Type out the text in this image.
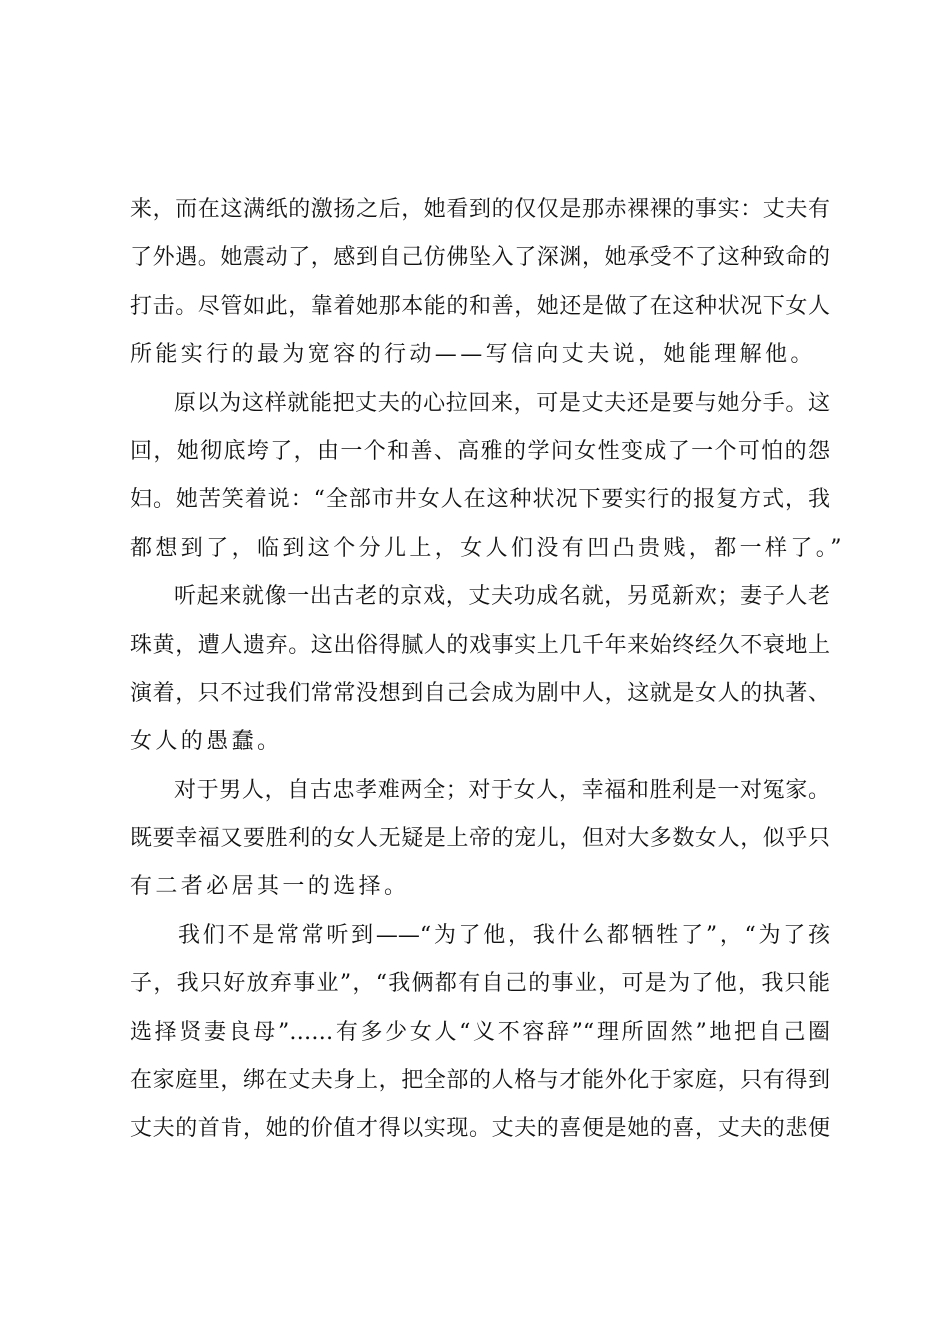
来，而在这满纸的激扬之后，她看到的仅仅是那赤裸裸的事实：丈夫有
了外遇。她震动了，感到自己仿佛坠入了深渊，她承受不了这种致命的
打击。尽管如此，靠着她那本能的和善，她还是做了在这种状况下女人
所能实行的最为宽容的行动——写信向丈夫说，她能理解他。
原以为这样就能把丈夫的心拉回来，可是丈夫还是要与她分手。这
回，她彻底垮了，由一个和善、高雅的学问女性变成了一个可怕的怨
妇。她苦笑着说：“全部市井女人在这种状况下要实行的报复方式，我
都想到了，临到这个分儿上，女人们没有凹凸贵贱，都一样了。”
听起来就像一出古老的京戏，丈夫功成名就，另觅新欢；妻子人老
珠黄，遭人遗弃。这出俗得腻人的戏事实上几千年来始终经久不衰地上
演着，只不过我们常常没想到自己会成为剧中人，这就是女人的执著、
女人的愚蠢。
对于男人，自古忠孝难两全；对于女人，幸福和胜利是一对冤家。
既要幸福又要胜利的女人无疑是上帝的宠儿，但对大多数女人，似乎只
有二者必居其一的选择。
我们不是常常听到——“为了他，我什么都牺牲了”，“为了孩
子，我只好放弃事业”，“我俩都有自己的事业，可是为了他，我只能
选择贤妻良母”……有多少女人“义不容辞”“理所固然”地把自己圈
在家庭里，绑在丈夫身上，把全部的人格与才能外化于家庭，只有得到
丈夫的首肯，她的价值才得以实现。丈夫的喜便是她的喜，丈夫的悲便
